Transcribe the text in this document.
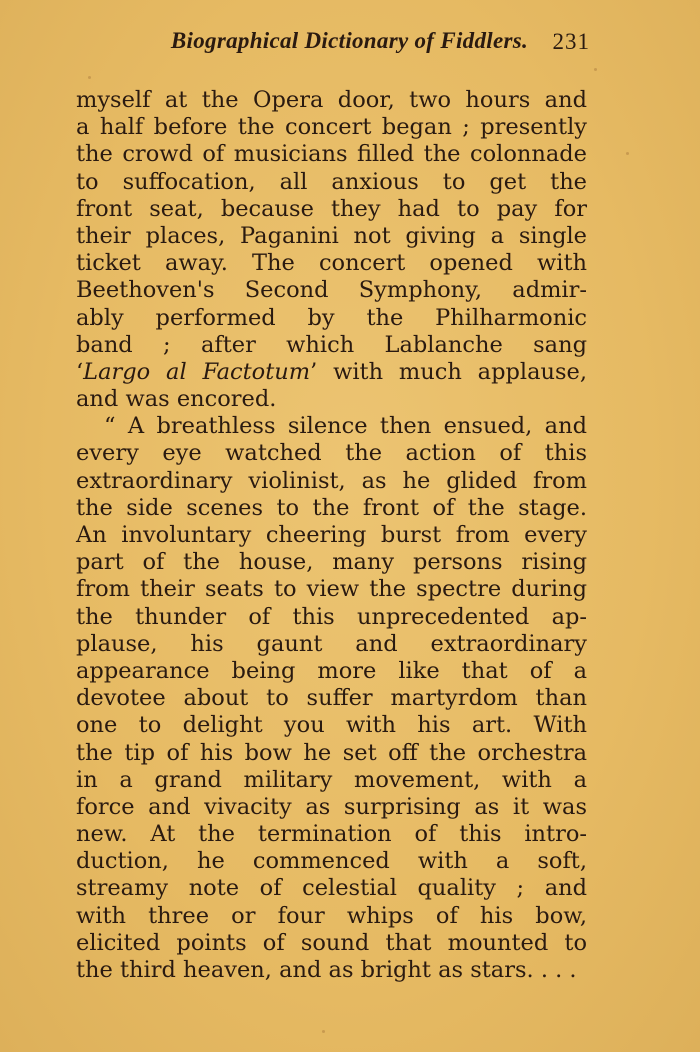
Biographical Dictionary of Fiddlers. 231
myself at the Opera door, two hours and
a half before the concert began ; presently
the crowd of musicians filled the colonnade
to suffocation, all anxious to get the
front seat, because they had to pay for
their places, Paganini not giving a single
ticket away. The concert opened with
Beethoven's Second Symphony, admir-
ably performed by the Philharmonic
band ; after which Lablanche sang
‘Largo al Factotum’ with much applause,
and was encored.
“ A breathless silence then ensued, and
every eye watched the action of this
extraordinary violinist, as he glided from
the side scenes to the front of the stage.
An involuntary cheering burst from every
part of the house, many persons rising
from their seats to view the spectre during
the thunder of this unprecedented ap-
plause, his gaunt and extraordinary
appearance being more like that of a
devotee about to suffer martyrdom than
one to delight you with his art. With
the tip of his bow he set off the orchestra
in a grand military movement, with a
force and vivacity as surprising as it was
new. At the termination of this intro-
duction, he commenced with a soft,
streamy note of celestial quality ; and
with three or four whips of his bow,
elicited points of sound that mounted to
the third heaven, and as bright as stars. . . .
